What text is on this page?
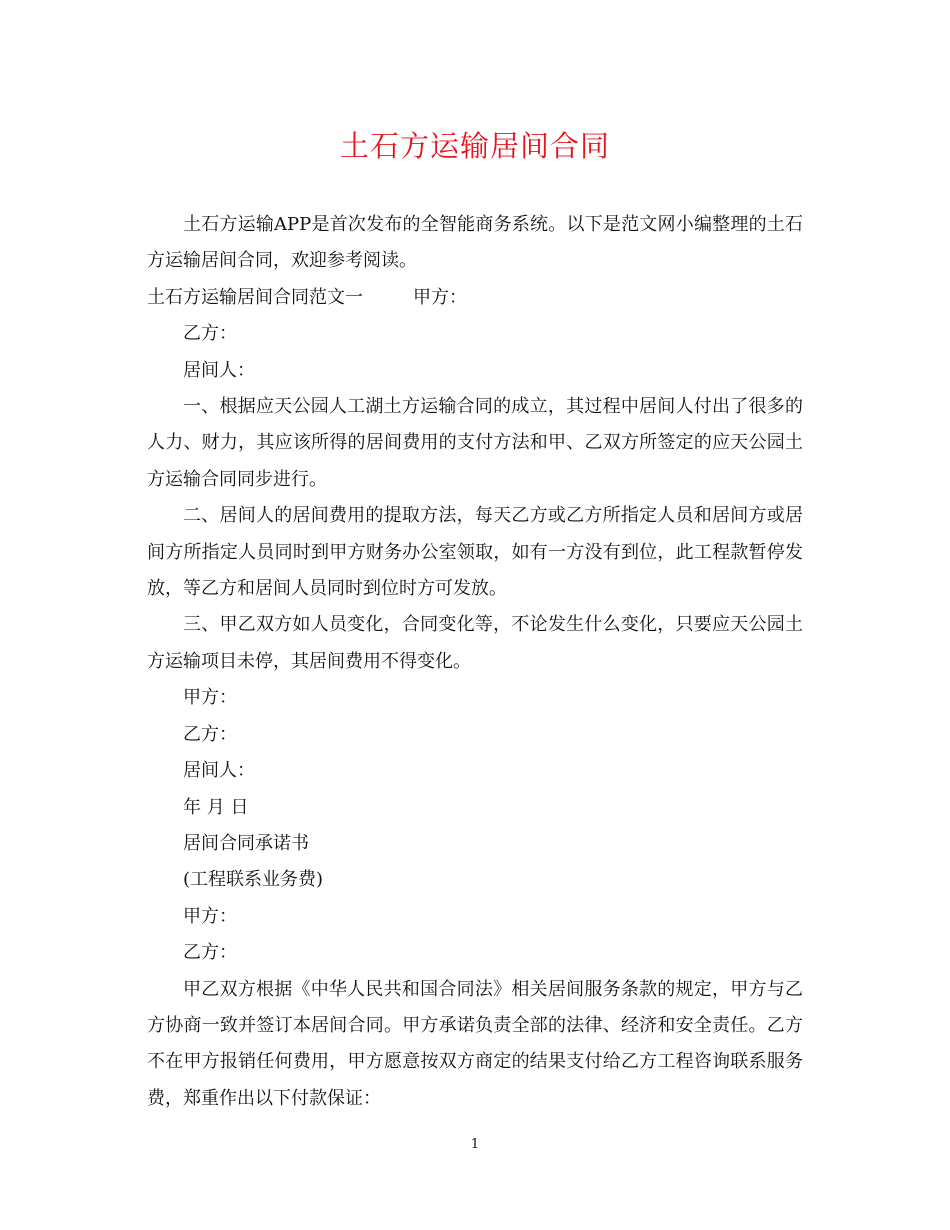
土石方运输居间合同

土石方运输APP是首次发布的全智能商务系统。以下是范文网小编整理的土石方运输居间合同，欢迎参考阅读。

土石方运输居间合同范文一	甲方：

乙方：

居间人：

一、根据应天公园人工湖土方运输合同的成立，其过程中居间人付出了很多的人力、财力，其应该所得的居间费用的支付方法和甲、乙双方所签定的应天公园土方运输合同同步进行。

二、居间人的居间费用的提取方法，每天乙方或乙方所指定人员和居间方或居间方所指定人员同时到甲方财务办公室领取，如有一方没有到位，此工程款暂停发放，等乙方和居间人员同时到位时方可发放。

三、甲乙双方如人员变化，合同变化等，不论发生什么变化，只要应天公园土方运输项目未停，其居间费用不得变化。

甲方：

乙方：

居间人：

年 月 日

居间合同承诺书

(工程联系业务费)

甲方：

乙方：

甲乙双方根据《中华人民共和国合同法》相关居间服务条款的规定，甲方与乙方协商一致并签订本居间合同。甲方承诺负责全部的法律、经济和安全责任。乙方不在甲方报销任何费用，甲方愿意按双方商定的结果支付给乙方工程咨询联系服务费，郑重作出以下付款保证：

1
